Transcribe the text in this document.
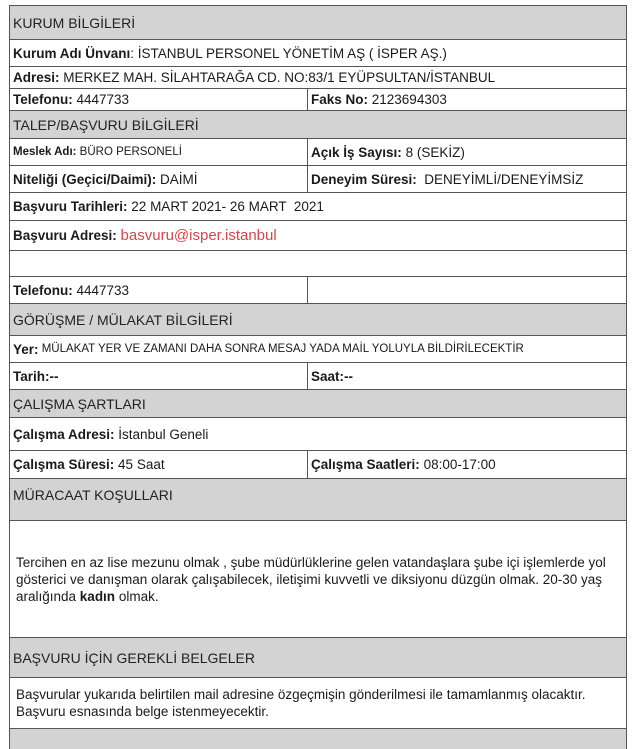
KURUM BİLGİLERİ
Kurum Adı Ünvanı : İSTANBUL PERSONEL YÖNETİM AŞ ( İSPER AŞ.)
Adresi: MERKEZ MAH. SİLAHTARAĞA CD. NO:83/1 EYÜPSULTAN/İSTANBUL
Telefonu: 4447733	Faks No: 2123694303
TALEP/BAŞVURU BİLGİLERİ
Meslek Adı: BÜRO PERSONELİ	Açık İş Sayısı: 8 (SEKİZ)
Niteliği (Geçici/Daimi): DAİMİ	Deneyim Süresi: DENEYİMLİ/DENEYİMSİZ
Başvuru Tarihleri: 22 MART 2021- 26 MART  2021
Başvuru Adresi:
basvuru@isper.istanbul
Telefonu: 4447733
GÖRÜŞME / MÜLAKAT BİLGİLERİ
Yer: MÜLAKAT YER VE ZAMANI DAHA SONRA MESAJ YADA MAİL YOLUYLA BİLDİRİLECEKTİR
Tarih:--	Saat:--
ÇALIŞMA ŞARTLARI
Çalışma Adresi: İstanbul Geneli
Çalışma Süresi: 45 Saat	Çalışma Saatleri: 08:00-17:00
MÜRACAAT KOŞULLARI
Tercihen en az lise mezunu olmak , şube müdürlüklerine gelen vatandaşlara şube içi işlemlerde yol göstericі ve danışman olarak çalışabilecek, iletişimi kuvvetli ve diksiyonu düzgün olmak. 20-30 yaş aralığında kadın olmak.
BAŞVURU İÇİN GEREKLİ BELGELER
Başvurular yukarıda belirtilen mail adresine özgeçmişin gönderilmesi ile tamamlanmış olacaktır. Başvuru esnasında belge istenmeyecektir.
